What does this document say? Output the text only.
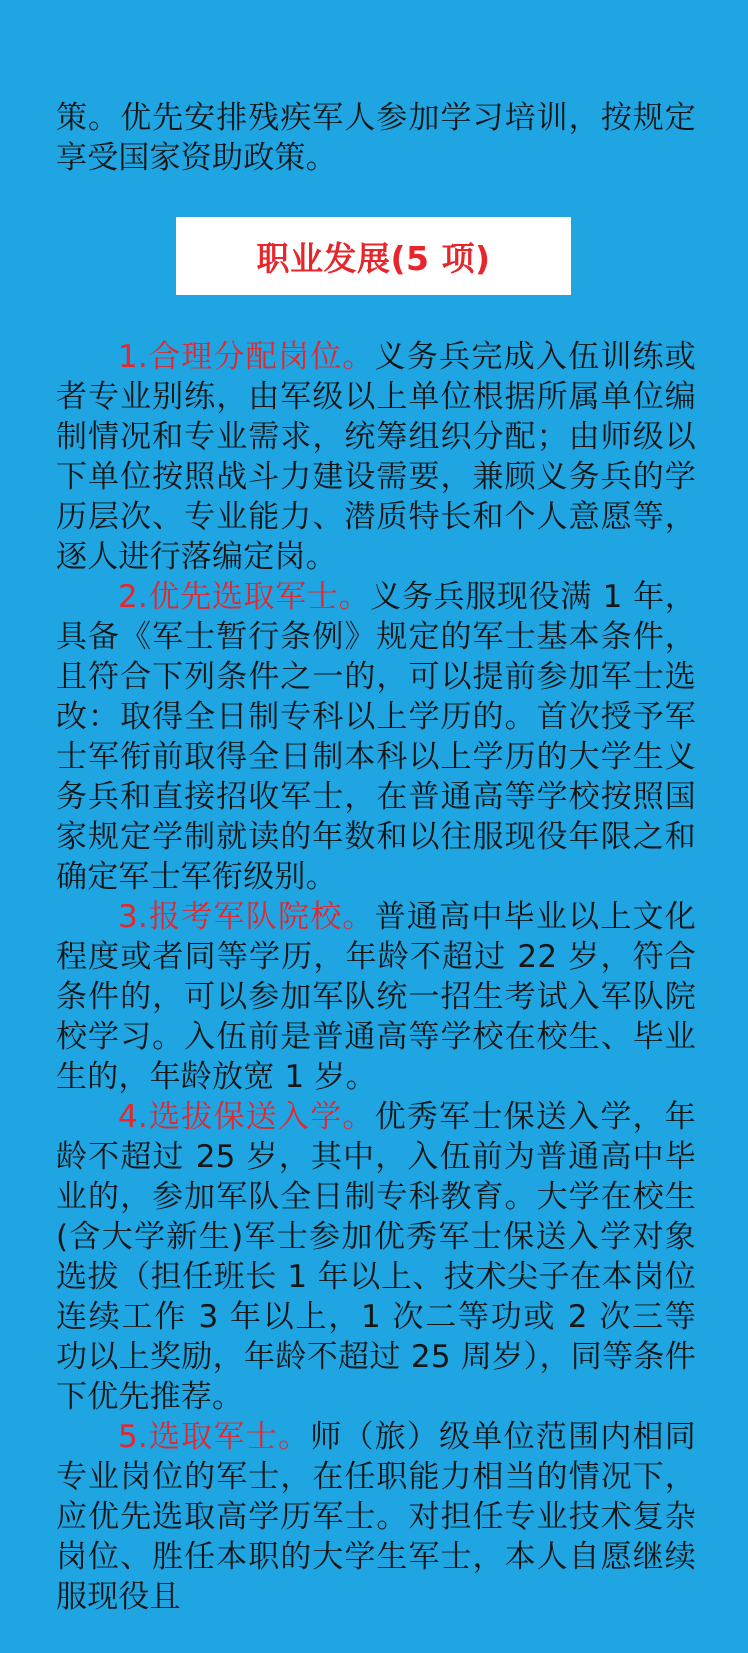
策。优先安排残疾军人参加学习培训，按规定享受国家资助政策。

职业发展(5 项)

1.合理分配岗位。义务兵完成入伍训练或者专业别练，由军级以上单位根据所属单位编制情况和专业需求，统筹组织分配；由师级以下单位按照战斗力建设需要，兼顾义务兵的学历层次、专业能力、潜质特长和个人意愿等，逐人进行落编定岗。

2.优先选取军士。义务兵服现役满 1 年，具备《军士暂行条例》规定的军士基本条件，且符合下列条件之一的，可以提前参加军士选改：取得全日制专科以上学历的。首次授予军士军衔前取得全日制本科以上学历的大学生义务兵和直接招收军士，在普通高等学校按照国家规定学制就读的年数和以往服现役年限之和确定军士军衔级别。

3.报考军队院校。普通高中毕业以上文化程度或者同等学历，年龄不超过 22 岁，符合条件的，可以参加军队统一招生考试入军队院校学习。入伍前是普通高等学校在校生、毕业生的，年龄放宽 1 岁。

4.选拔保送入学。优秀军士保送入学，年龄不超过 25 岁，其中，入伍前为普通高中毕业的，参加军队全日制专科教育。大学在校生(含大学新生)军士参加优秀军士保送入学对象选拔（担任班长 1 年以上、技术尖子在本岗位连续工作 3 年以上，1 次二等功或 2 次三等功以上奖励，年龄不超过 25 周岁），同等条件下优先推荐。

5.选取军士。师（旅）级单位范围内相同专业岗位的军士，在任职能力相当的情况下，应优先选取高学历军士。对担任专业技术复杂岗位、胜任本职的大学生军士，本人自愿继续服现役且
